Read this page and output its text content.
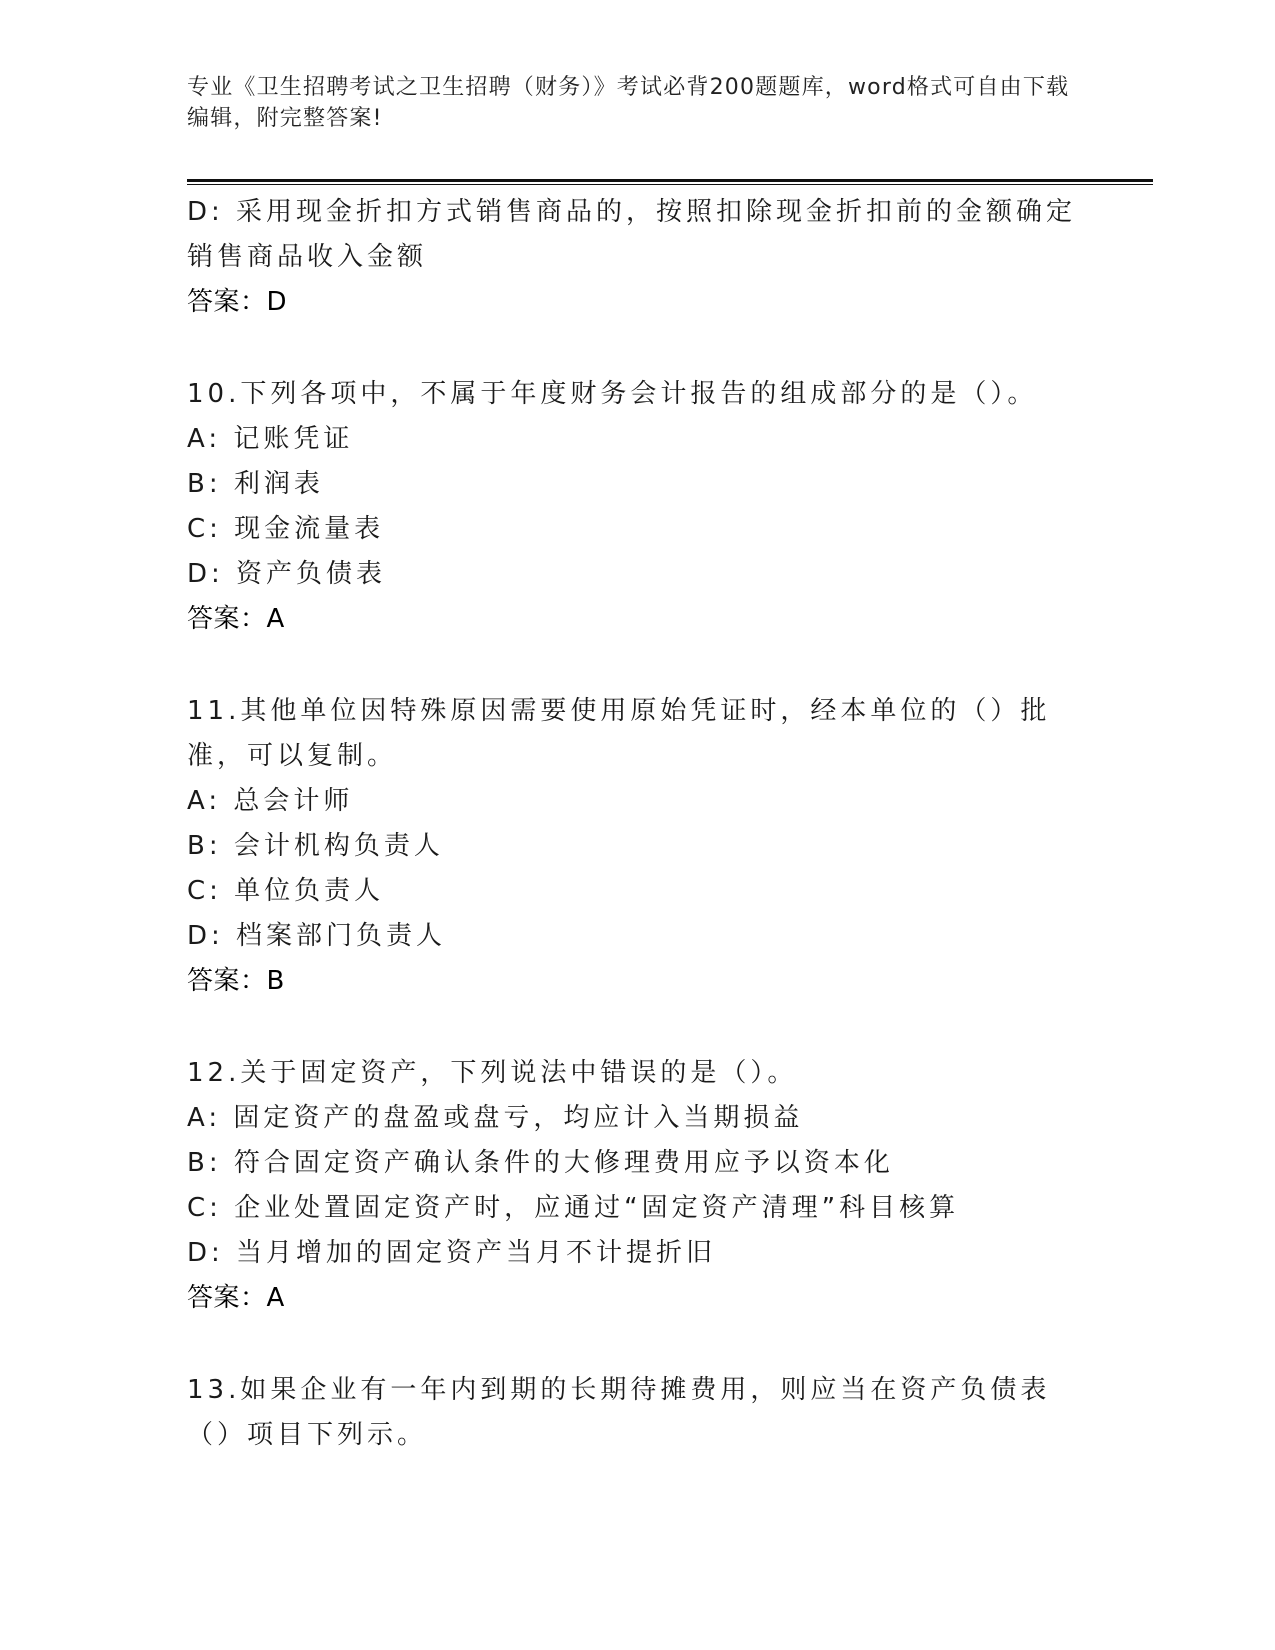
专业《卫生招聘考试之卫生招聘（财务）》考试必背200题题库，word格式可自由下载编辑，附完整答案!
D: 采用现金折扣方式销售商品的，按照扣除现金折扣前的金额确定销售商品收入金额
答案：D
10.下列各项中，不属于年度财务会计报告的组成部分的是（）。
A: 记账凭证
B: 利润表
C: 现金流量表
D: 资产负债表
答案：A
11.其他单位因特殊原因需要使用原始凭证时，经本单位的（）批准，可以复制。
A: 总会计师
B: 会计机构负责人
C: 单位负责人
D: 档案部门负责人
答案：B
12.关于固定资产，下列说法中错误的是（）。
A: 固定资产的盘盈或盘亏，均应计入当期损益
B: 符合固定资产确认条件的大修理费用应予以资本化
C: 企业处置固定资产时，应通过“固定资产清理”科目核算
D: 当月增加的固定资产当月不计提折旧
答案：A
13.如果企业有一年内到期的长期待摊费用，则应当在资产负债表（）项目下列示。
